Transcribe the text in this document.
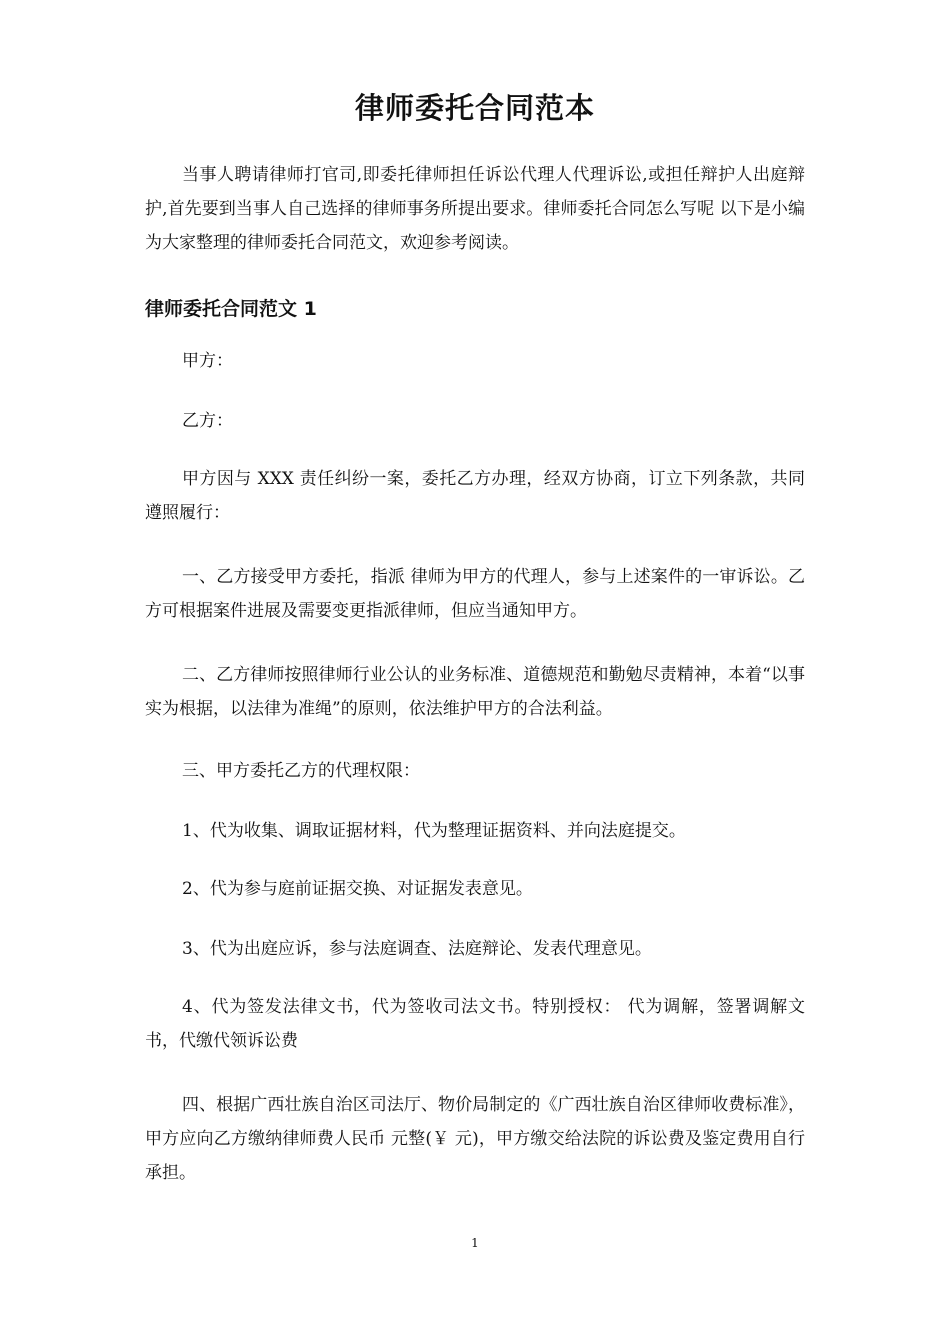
律师委托合同范本

当事人聘请律师打官司,即委托律师担任诉讼代理人代理诉讼,或担任辩护人出庭辩护,首先要到当事人自己选择的律师事务所提出要求。律师委托合同怎么写呢 以下是小编为大家整理的律师委托合同范文，欢迎参考阅读。

律师委托合同范文 1

甲方：

乙方：

甲方因与 XXX 责任纠纷一案，委托乙方办理，经双方协商，订立下列条款，共同遵照履行：

一、乙方接受甲方委托，指派 律师为甲方的代理人，参与上述案件的一审诉讼。乙方可根据案件进展及需要变更指派律师，但应当通知甲方。

二、乙方律师按照律师行业公认的业务标准、道德规范和勤勉尽责精神，本着“以事实为根据，以法律为准绳”的原则，依法维护甲方的合法利益。

三、甲方委托乙方的代理权限：

1、代为收集、调取证据材料，代为整理证据资料、并向法庭提交。

2、代为参与庭前证据交换、对证据发表意见。

3、代为出庭应诉，参与法庭调查、法庭辩论、发表代理意见。

4、代为签发法律文书，代为签收司法文书。特别授权： 代为调解，签署调解文书，代缴代领诉讼费

四、根据广西壮族自治区司法厅、物价局制定的《广西壮族自治区律师收费标准》，甲方应向乙方缴纳律师费人民币 元整(￥ 元)，甲方缴交给法院的诉讼费及鉴定费用自行承担。

1
